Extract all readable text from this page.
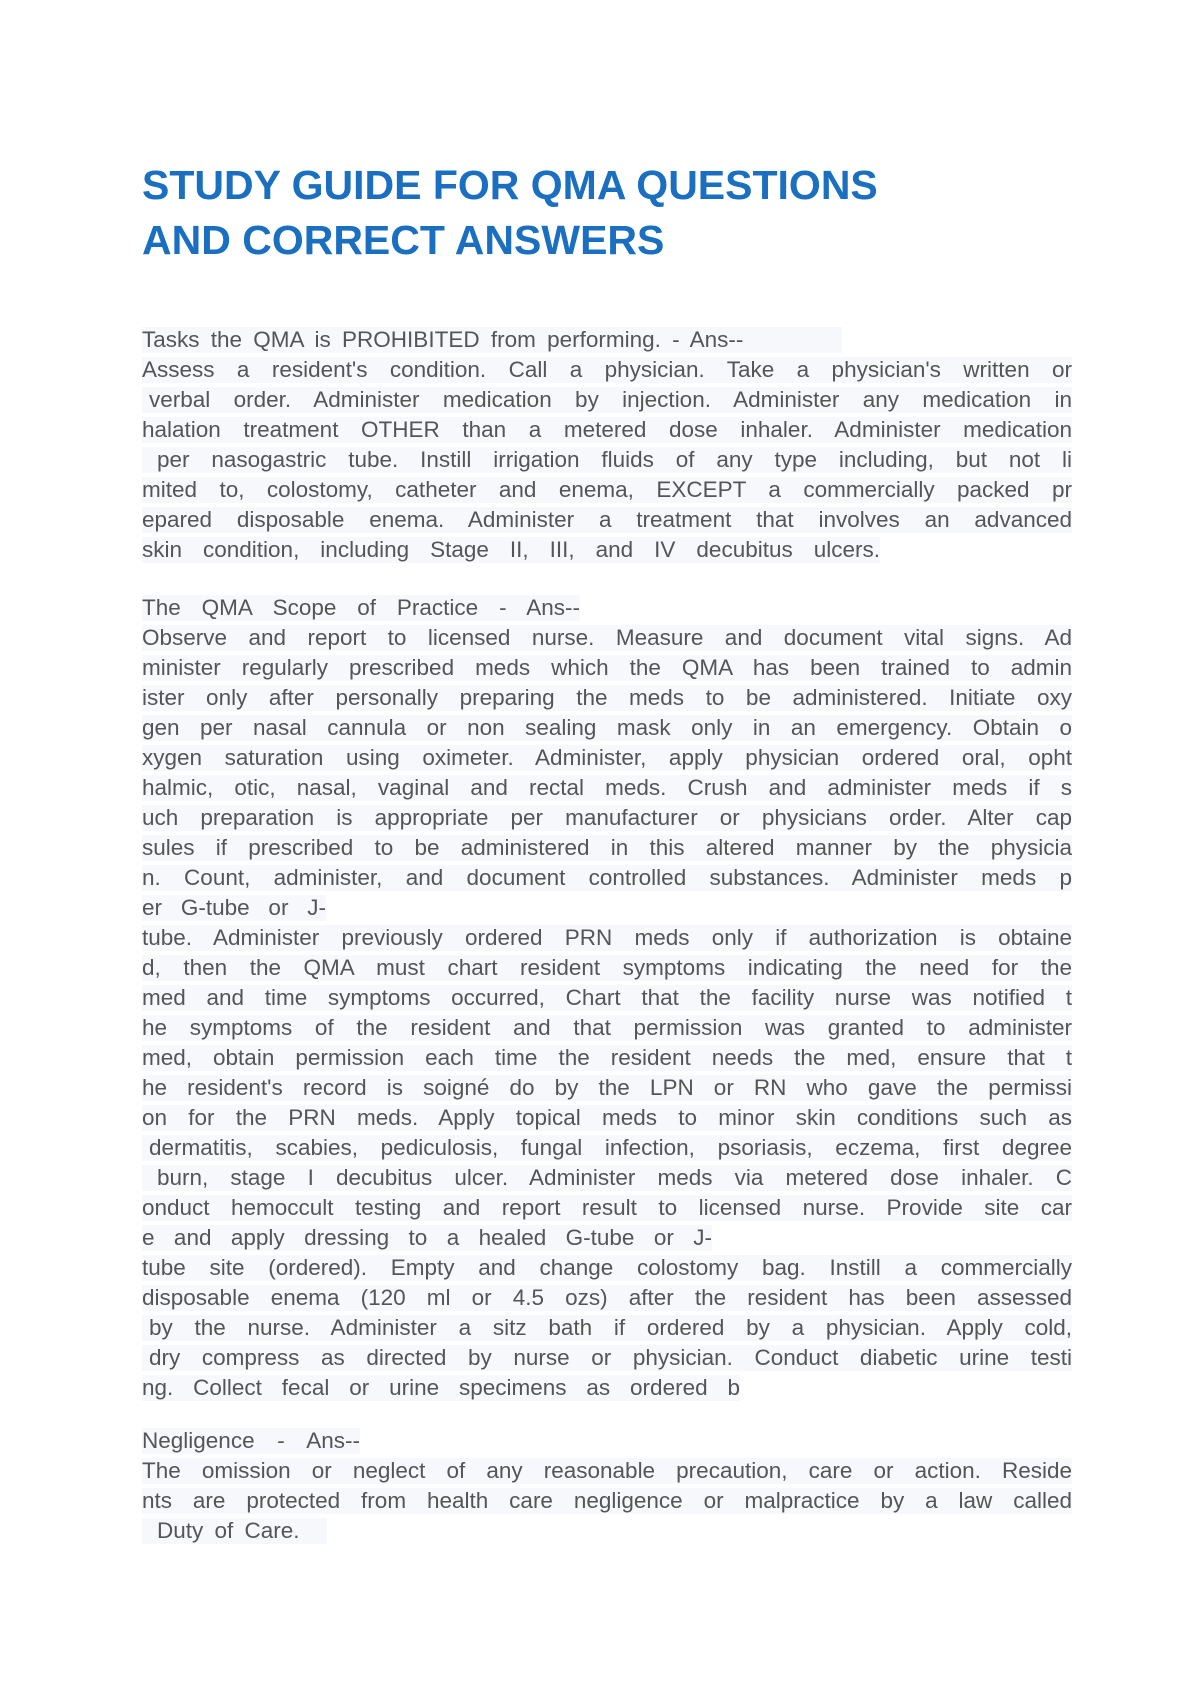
STUDY GUIDE FOR QMA QUESTIONS
AND CORRECT ANSWERS
Tasks the QMA is PROHIBITED from performing. - Ans--
Assess a resident's condition. Call a physician. Take a physician's written or
verbal order. Administer medication by injection. Administer any medication in
halation treatment OTHER than a metered dose inhaler. Administer medication
per nasogastric tube. Instill irrigation fluids of any type including, but not li
mited to, colostomy, catheter and enema, EXCEPT a commercially packed pr
epared disposable enema. Administer a treatment that involves an advanced
skin condition, including Stage II, III, and IV decubitus ulcers.
The QMA Scope of Practice - Ans--
Observe and report to licensed nurse. Measure and document vital signs. Ad
minister regularly prescribed meds which the QMA has been trained to admin
ister only after personally preparing the meds to be administered. Initiate oxy
gen per nasal cannula or non sealing mask only in an emergency. Obtain o
xygen saturation using oximeter. Administer, apply physician ordered oral, opht
halmic, otic, nasal, vaginal and rectal meds. Crush and administer meds if s
uch preparation is appropriate per manufacturer or physicians order. Alter cap
sules if prescribed to be administered in this altered manner by the physicia
n. Count, administer, and document controlled substances. Administer meds p
er G-tube or J-
tube. Administer previously ordered PRN meds only if authorization is obtaine
d, then the QMA must chart resident symptoms indicating the need for the
med and time symptoms occurred, Chart that the facility nurse was notified t
he symptoms of the resident and that permission was granted to administer
med, obtain permission each time the resident needs the med, ensure that t
he resident's record is soigné do by the LPN or RN who gave the permissi
on for the PRN meds. Apply topical meds to minor skin conditions such as
dermatitis, scabies, pediculosis, fungal infection, psoriasis, eczema, first degree
burn, stage I decubitus ulcer. Administer meds via metered dose inhaler. C
onduct hemoccult testing and report result to licensed nurse. Provide site car
e and apply dressing to a healed G-tube or J-
tube site (ordered). Empty and change colostomy bag. Instill a commercially
disposable enema (120 ml or 4.5 ozs) after the resident has been assessed
by the nurse. Administer a sitz bath if ordered by a physician. Apply cold,
dry compress as directed by nurse or physician. Conduct diabetic urine testi
ng. Collect fecal or urine specimens as ordered b
Negligence - Ans--
The omission or neglect of any reasonable precaution, care or action. Reside
nts are protected from health care negligence or malpractice by a law called
Duty of Care.
